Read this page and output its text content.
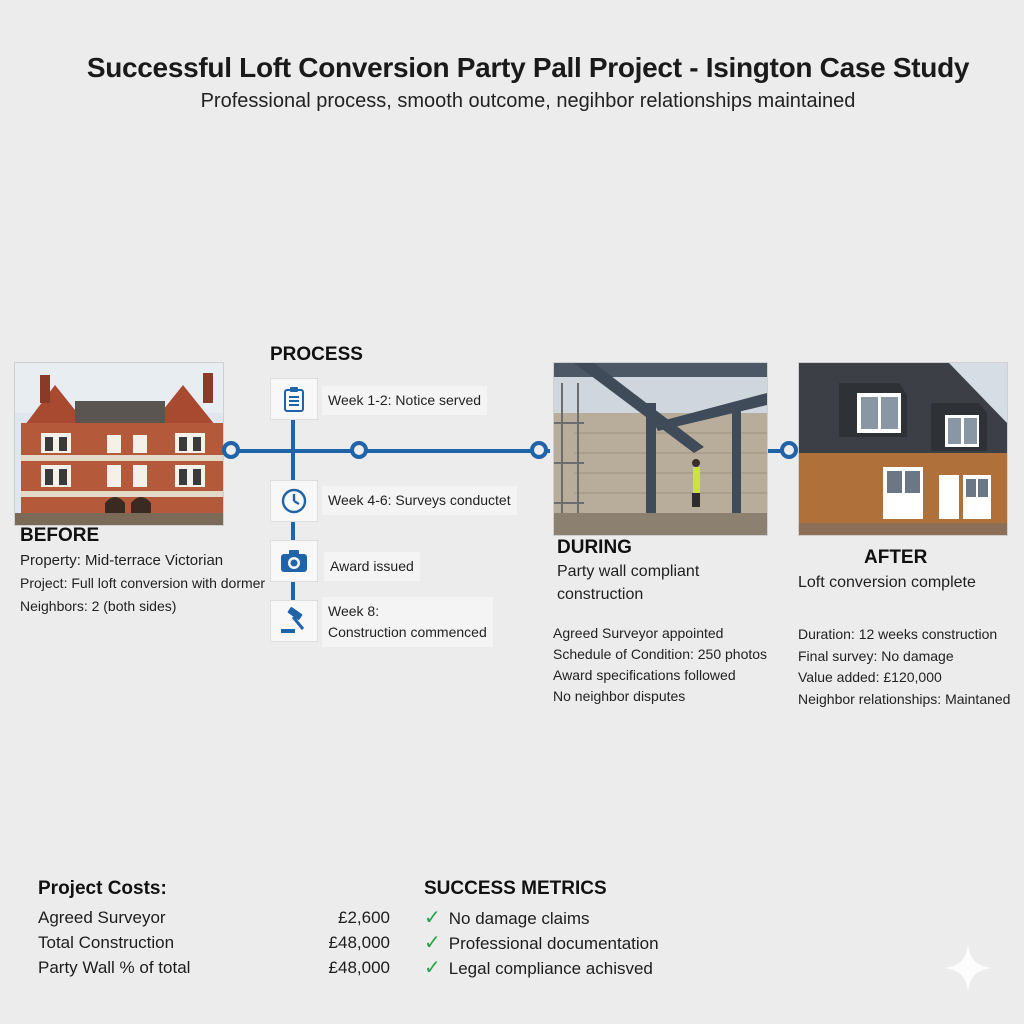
Successful Loft Conversion Party Pall Project - Isington Case Study
Professional process, smooth outcome, negihbor relationships maintained
BEFORE
Property: Mid-terrace Victorian
Project: Full loft conversion with dormer
Neighbors: 2 (both sides)
PROCESS
Week 1-2: Notice served
Week 4-6: Surveys conductet
Award issued
Week 8:
Construction commenced
DURING
Party wall compliant
construction
Agreed Surveyor appointed
Schedule of Condition: 250 photos
Award specifications followed
No neighbor disputes
AFTER
Loft conversion complete
Duration: 12 weeks construction
Final survey: No damage
Value added: £120,000
Neighbor relationships: Maintaned
Project Costs:
Agreed Surveyor	£2,600
Total Construction	£48,000
Party Wall % of total	£48,000
SUCCESS METRICS
✓ No damage claims
✓ Professional documentation
✓ Legal compliance achisved
